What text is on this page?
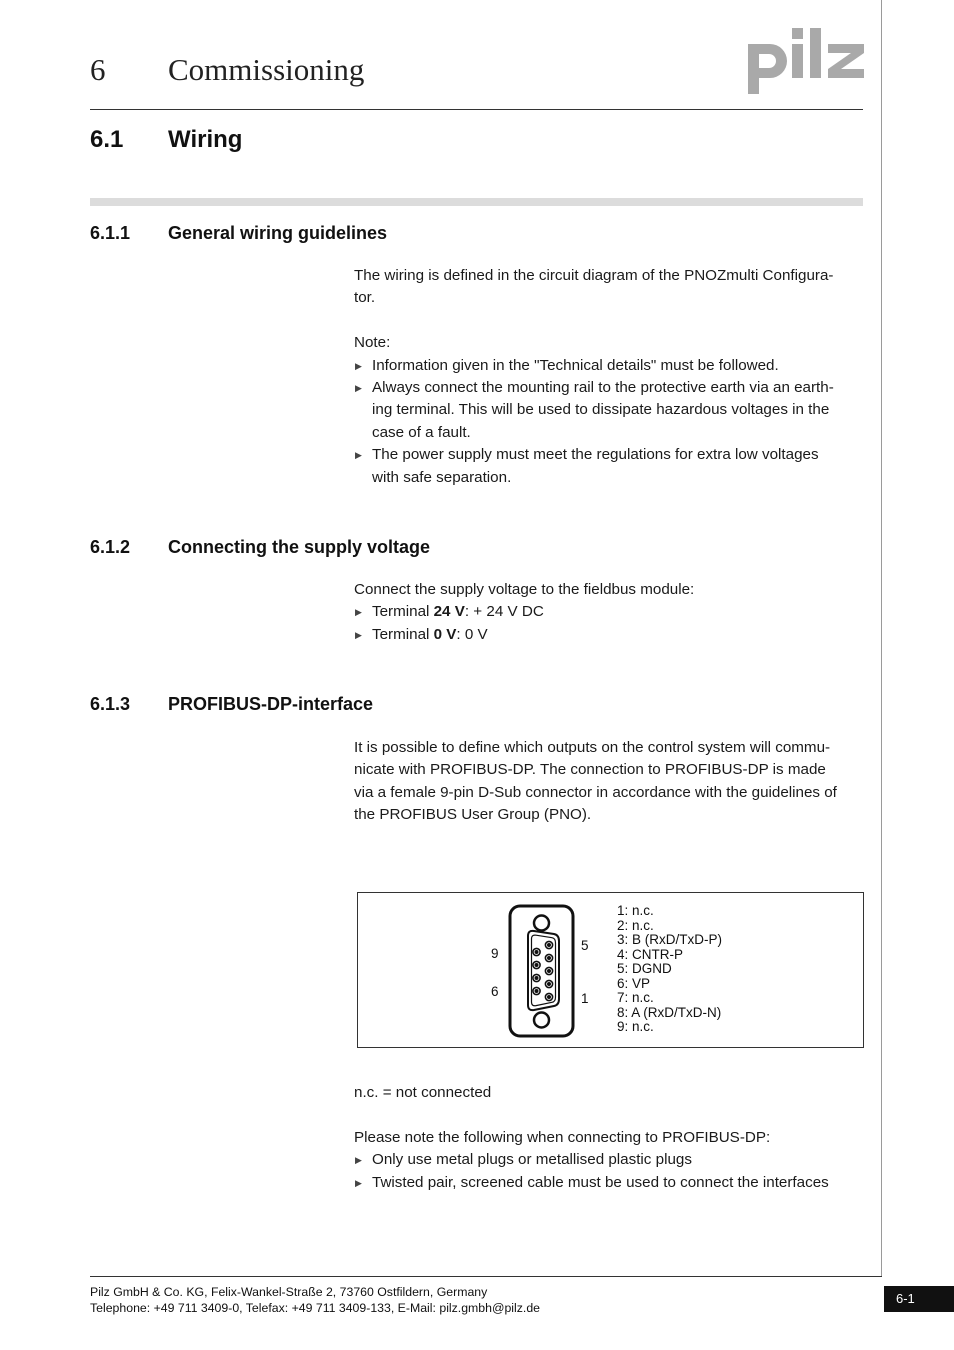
6 Commissioning
6.1 Wiring
6.1.1 General wiring guidelines

The wiring is defined in the circuit diagram of the PNOZmulti Configura-

tor.

Note:

▶ Information given in the "Technical details" must be followed.
▶ Always connect the mounting rail to the protective earth via an earth-
ing terminal. This will be used to dissipate hazardous voltages in the
case of a fault.
▶ The power supply must meet the regulations for extra low voltages
with safe separation.
6.1.2 Connecting the supply voltage

Connect the supply voltage to the fieldbus module:

▶ Terminal 24 V: + 24 V DC
▶ Terminal 0 V: 0 V
6.1.3 PROFIBUS-DP-interface

It is possible to define which outputs on the control system will commu-

nicate with PROFIBUS-DP. The connection to PROFIBUS-DP is made

via a female 9-pin D-Sub connector in accordance with the guidelines of

the PROFIBUS User Group (PNO).

9
6
5
1
1: n.c.
2: n.c.
3: B (RxD/TxD-P)
4: CNTR-P
5: DGND
6: VP
7: n.c.
8: A (RxD/TxD-N)
9: n.c.

n.c. = not connected

Please note the following when connecting to PROFIBUS-DP:

▶ Only use metal plugs or metallised plastic plugs
▶ Twisted pair, screened cable must be used to connect the interfaces
Pilz GmbH & Co. KG, Felix-Wankel-Straße 2, 73760 Ostfildern, Germany
Telephone: +49 711 3409-0, Telefax: +49 711 3409-133, E-Mail: pilz.gmbh@pilz.de
6-1
